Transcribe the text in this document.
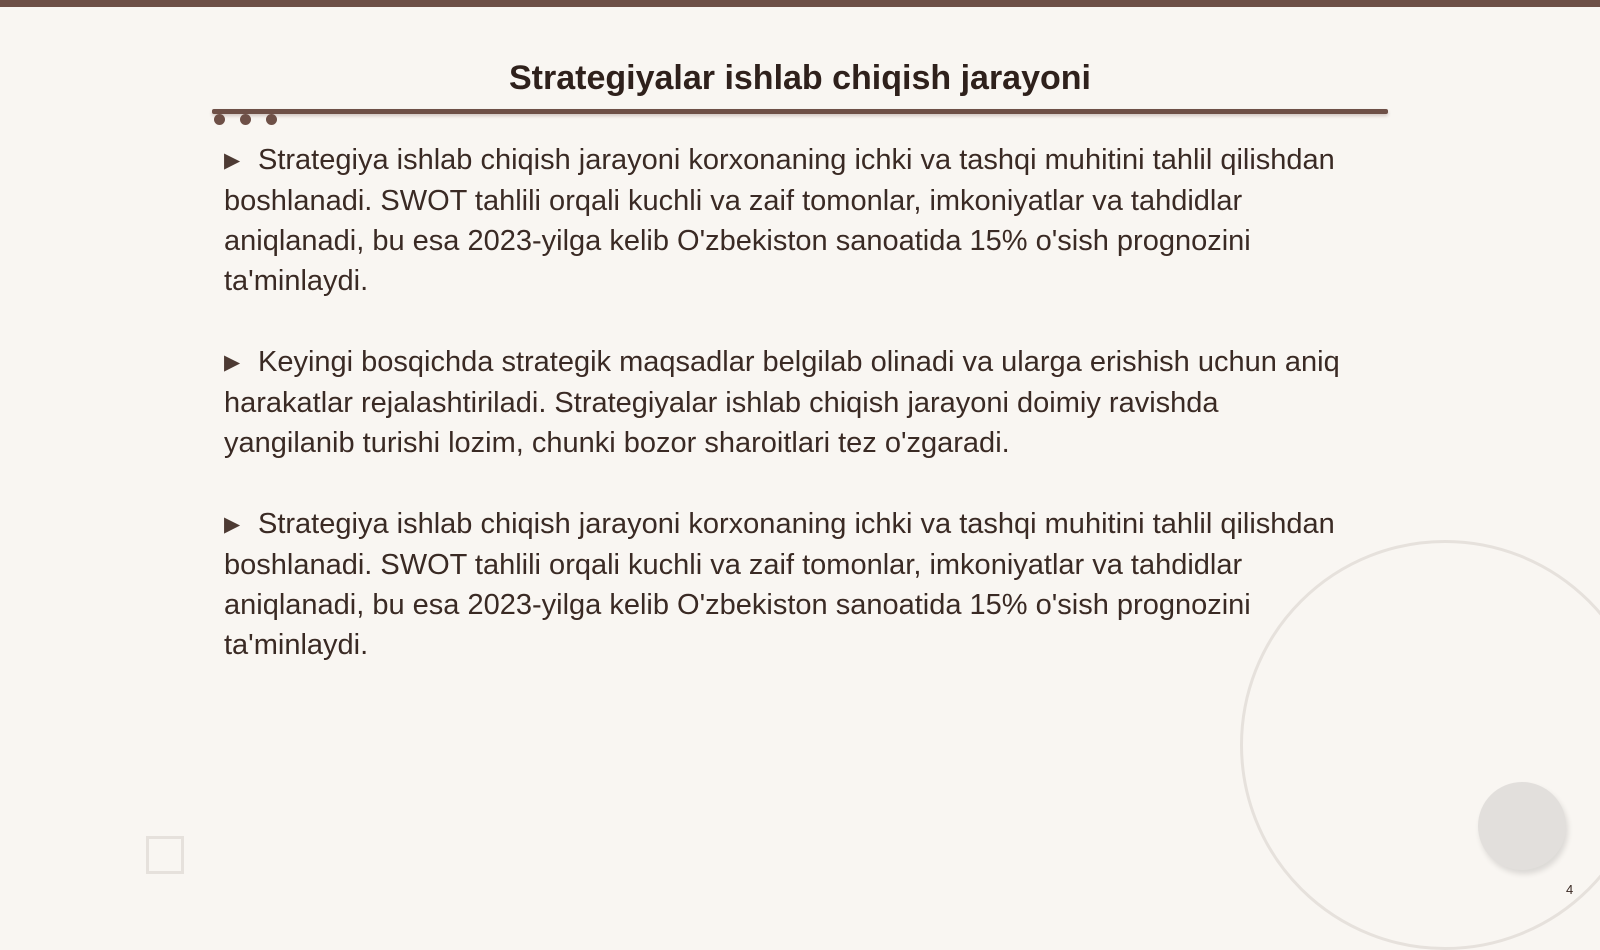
Strategiyalar ishlab chiqish jarayoni

▶ Strategiya ishlab chiqish jarayoni korxonaning ichki va tashqi muhitini tahlil qilishdan boshlanadi. SWOT tahlili orqali kuchli va zaif tomonlar, imkoniyatlar va tahdidlar aniqlanadi, bu esa 2023-yilga kelib O'zbekiston sanoatida 15% o'sish prognozini ta'minlaydi.

▶ Keyingi bosqichda strategik maqsadlar belgilab olinadi va ularga erishish uchun aniq harakatlar rejalashtiriladi. Strategiyalar ishlab chiqish jarayoni doimiy ravishda yangilanib turishi lozim, chunki bozor sharoitlari tez o'zgaradi.

▶ Strategiya ishlab chiqish jarayoni korxonaning ichki va tashqi muhitini tahlil qilishdan boshlanadi. SWOT tahlili orqali kuchli va zaif tomonlar, imkoniyatlar va tahdidlar aniqlanadi, bu esa 2023-yilga kelib O'zbekiston sanoatida 15% o'sish prognozini ta'minlaydi.

4
